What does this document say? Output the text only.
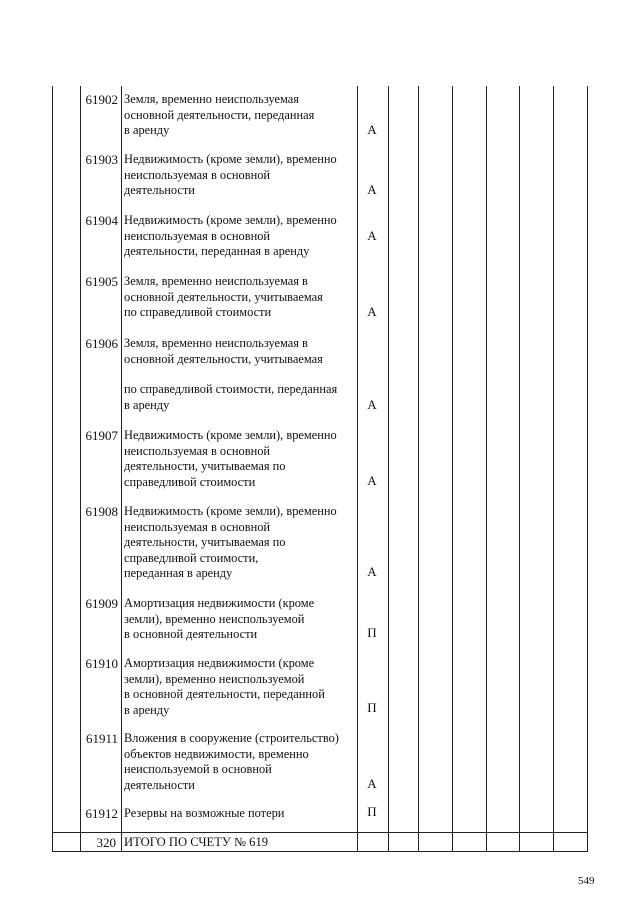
61902 Земля, временно неиспользуемая
основной деятельности, переданная
в аренду	А
61903 Недвижимость (кроме земли), временно
неиспользуемая в основной
деятельности	А
61904 Недвижимость (кроме земли), временно
неиспользуемая в основной
деятельности, переданная в аренду
А
61905 Земля, временно неиспользуемая в
основной деятельности, учитываемая
по справедливой стоимости	А
61906 Земля, временно неиспользуемая в
основной деятельности, учитываемая
по справедливой стоимости, переданная
в аренду	А
61907 Недвижимость (кроме земли), временно
неиспользуемая в основной
деятельности, учитываемая по
справедливой стоимости	А
61908 Недвижимость (кроме земли), временно
неиспользуемая в основной
деятельности, учитываемая по
справедливой стоимости,
переданная в аренду	А
61909 Амортизация недвижимости (кроме
земли), временно неиспользуемой
в основной деятельности	П
61910 Амортизация недвижимости (кроме
земли), временно неиспользуемой
в основной деятельности, переданной
в аренду	П
61911 Вложения в сооружение (строительство)
объектов недвижимости, временно
неиспользуемой в основной
деятельности	А
61912 Резервы на возможные потери	П
320 ИТОГО ПО СЧЕТУ № 619
549
